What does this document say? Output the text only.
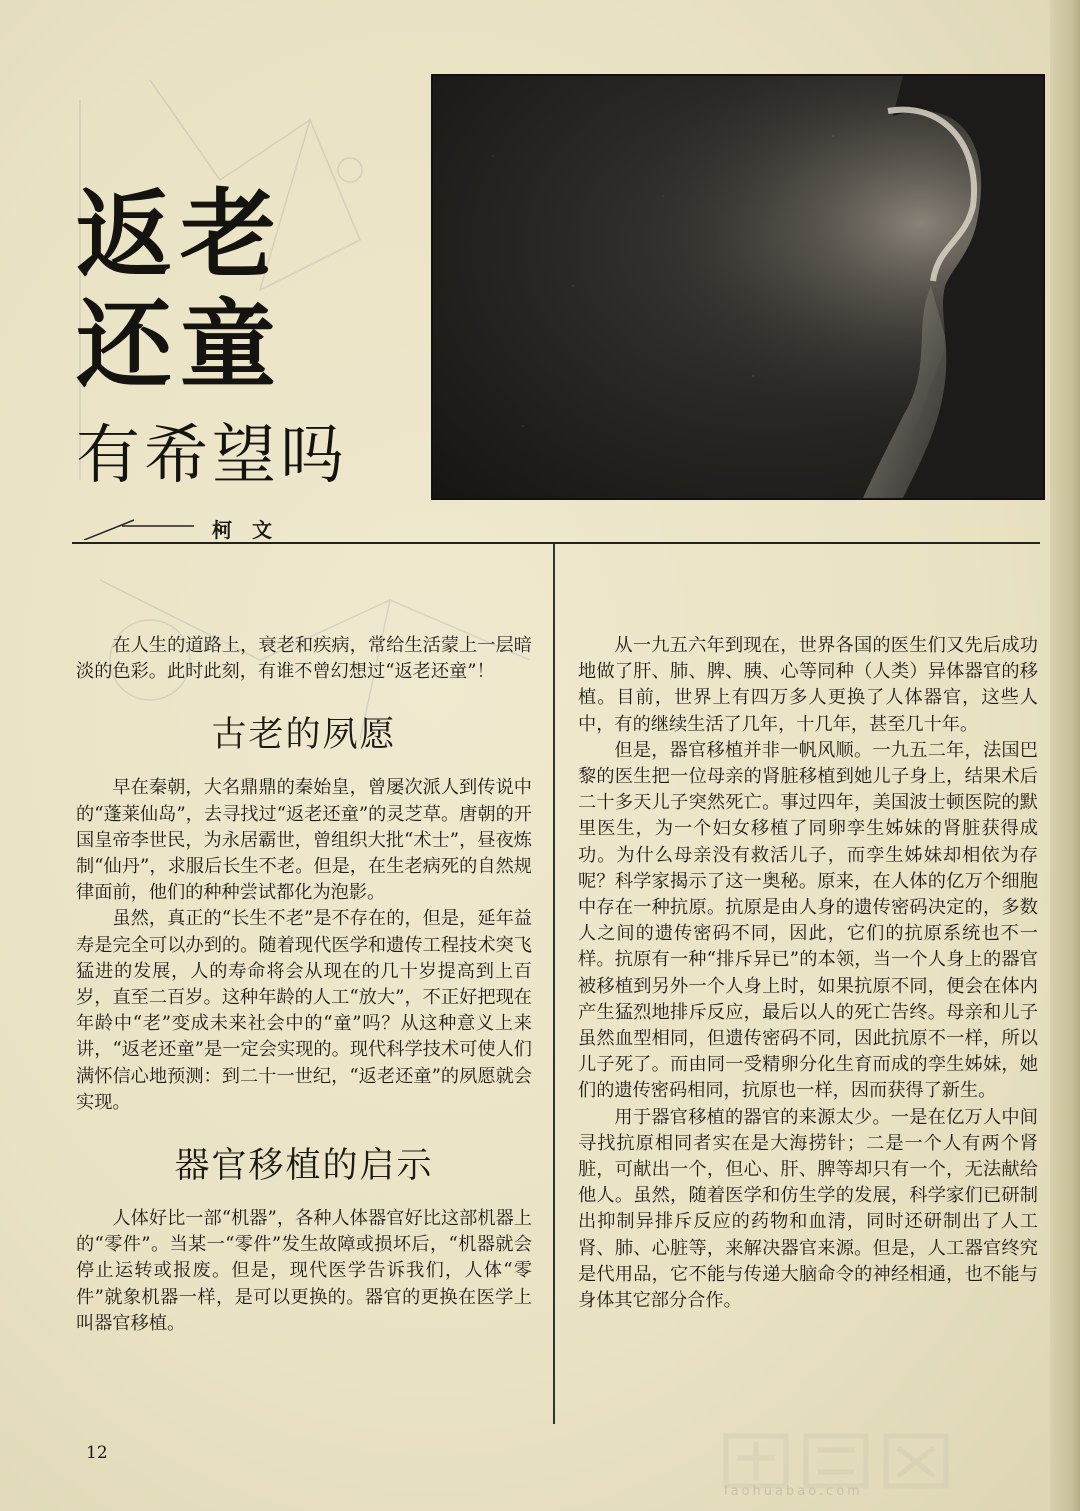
返老
还童
有希望吗
柯文

在人生的道路上，衰老和疾病，常给生活蒙上一层暗淡的色彩。此时此刻，有谁不曾幻想过“返老还童”！

古老的夙愿

早在秦朝，大名鼎鼎的秦始皇，曾屡次派人到传说中的“蓬莱仙岛”，去寻找过“返老还童”的灵芝草。唐朝的开国皇帝李世民，为永居霸世，曾组织大批“术士”，昼夜炼制“仙丹”，求服后长生不老。但是，在生老病死的自然规律面前，他们的种种尝试都化为泡影。

虽然，真正的“长生不老”是不存在的，但是，延年益寿是完全可以办到的。随着现代医学和遗传工程技术突飞猛进的发展，人的寿命将会从现在的几十岁提高到上百岁，直至二百岁。这种年龄的人工“放大”，不正好把现在年龄中“老”变成未来社会中的“童”吗？从这种意义上来讲，“返老还童”是一定会实现的。现代科学技术可使人们满怀信心地预测：到二十一世纪，“返老还童”的夙愿就会实现。

器官移植的启示

人体好比一部“机器”，各种人体器官好比这部机器上的“零件”。当某一“零件”发生故障或损坏后，“机器就会停止运转或报废。但是，现代医学告诉我们，人体“零件”就象机器一样，是可以更换的。器官的更换在医学上叫器官移植。

从一九五六年到现在，世界各国的医生们又先后成功地做了肝、肺、脾、胰、心等同种（人类）异体器官的移植。目前，世界上有四万多人更换了人体器官，这些人中，有的继续生活了几年，十几年，甚至几十年。

但是，器官移植并非一帆风顺。一九五二年，法国巴黎的医生把一位母亲的肾脏移植到她儿子身上，结果术后二十多天儿子突然死亡。事过四年，美国波士顿医院的默里医生，为一个妇女移植了同卵孪生姊妹的肾脏获得成功。为什么母亲没有救活儿子，而孪生姊妹却相依为存呢？科学家揭示了这一奥秘。原来，在人体的亿万个细胞中存在一种抗原。抗原是由人身的遗传密码决定的，多数人之间的遗传密码不同，因此，它们的抗原系统也不一样。抗原有一种“排斥异已”的本领，当一个人身上的器官被移植到另外一个人身上时，如果抗原不同，便会在体内产生猛烈地排斥反应，最后以人的死亡告终。母亲和儿子虽然血型相同，但遗传密码不同，因此抗原不一样，所以儿子死了。而由同一受精卵分化生育而成的孪生姊妹，她们的遗传密码相同，抗原也一样，因而获得了新生。

用于器官移植的器官的来源太少。一是在亿万人中间寻找抗原相同者实在是大海捞针；二是一个人有两个肾脏，可献出一个，但心、肝、脾等却只有一个，无法献给他人。虽然，随着医学和仿生学的发展，科学家们已研制出抑制异排斥反应的药物和血清，同时还研制出了人工肾、肺、心脏等，来解决器官来源。但是，人工器官终究是代用品，它不能与传递大脑命令的神经相通，也不能与身体其它部分合作。

12
laohuabao.com
